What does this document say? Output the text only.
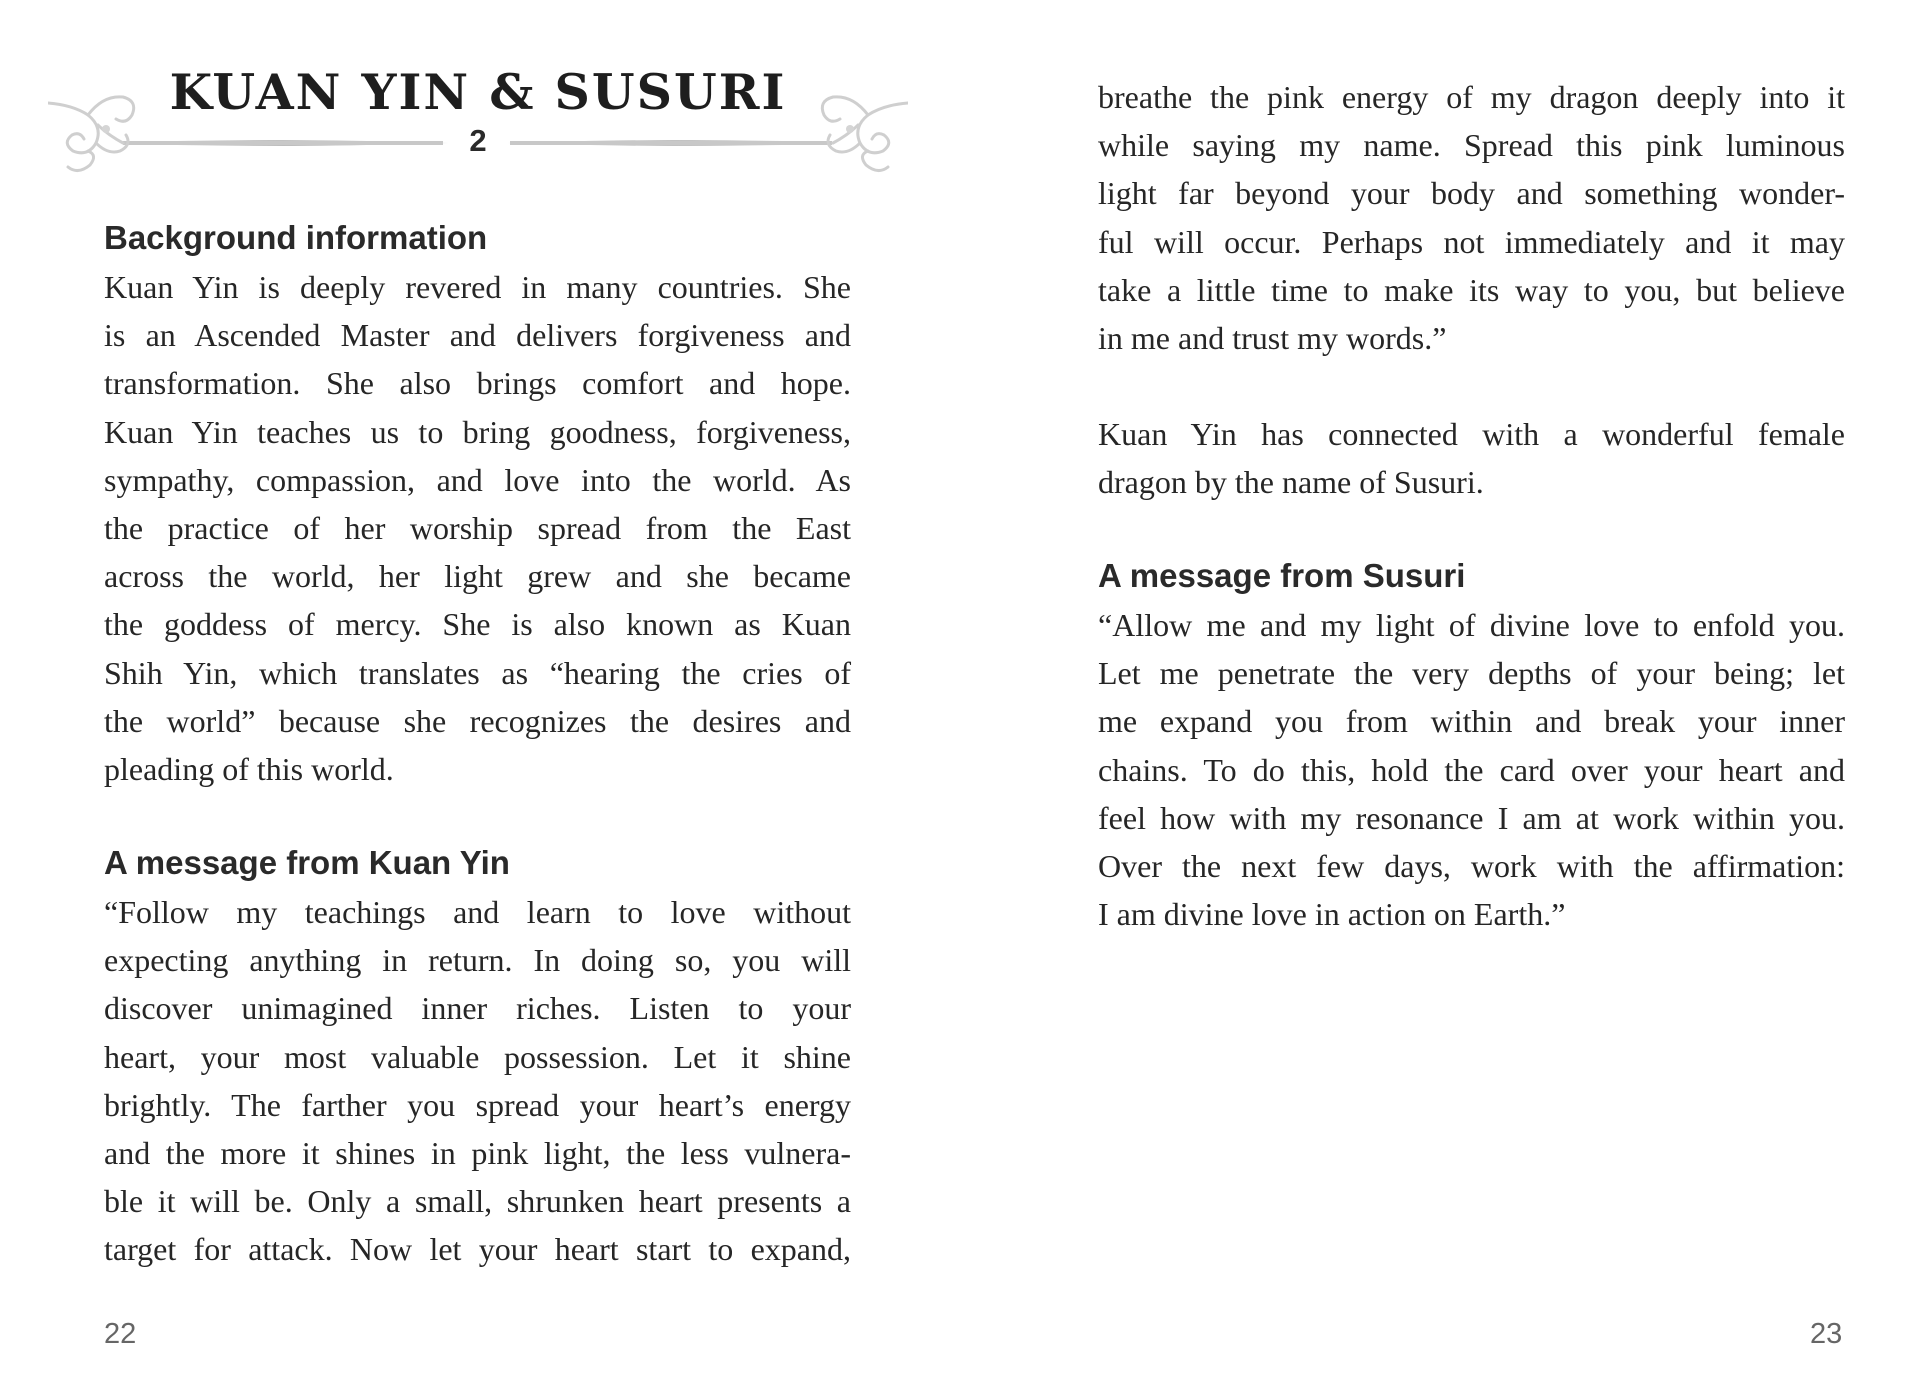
KUAN YIN & SUSURI
2
Background information

Kuan Yin is deeply revered in many countries. She
is an Ascended Master and delivers forgiveness and
transformation. She also brings comfort and hope.
Kuan Yin teaches us to bring goodness, forgiveness,
sympathy, compassion, and love into the world. As
the practice of her worship spread from the East
across the world, her light grew and she became
the goddess of mercy. She is also known as Kuan
Shih Yin, which translates as “hearing the cries of
the world” because she recognizes the desires and
pleading of this world.

A message from Kuan Yin

“Follow my teachings and learn to love without
expecting anything in return. In doing so, you will
discover unimagined inner riches. Listen to your
heart, your most valuable possession. Let it shine
brightly. The farther you spread your heart’s energy
and the more it shines in pink light, the less vulnera-
ble it will be. Only a small, shrunken heart presents a
target for attack. Now let your heart start to expand,

22

breathe the pink energy of my dragon deeply into it
while saying my name. Spread this pink luminous
light far beyond your body and something wonder-
ful will occur. Perhaps not immediately and it may
take a little time to make its way to you, but believe
in me and trust my words.”

Kuan Yin has connected with a wonderful female
dragon by the name of Susuri.

A message from Susuri

“Allow me and my light of divine love to enfold you.
Let me penetrate the very depths of your being; let
me expand you from within and break your inner
chains. To do this, hold the card over your heart and
feel how with my resonance I am at work within you.
Over the next few days, work with the affirmation:
I am divine love in action on Earth.”

23
